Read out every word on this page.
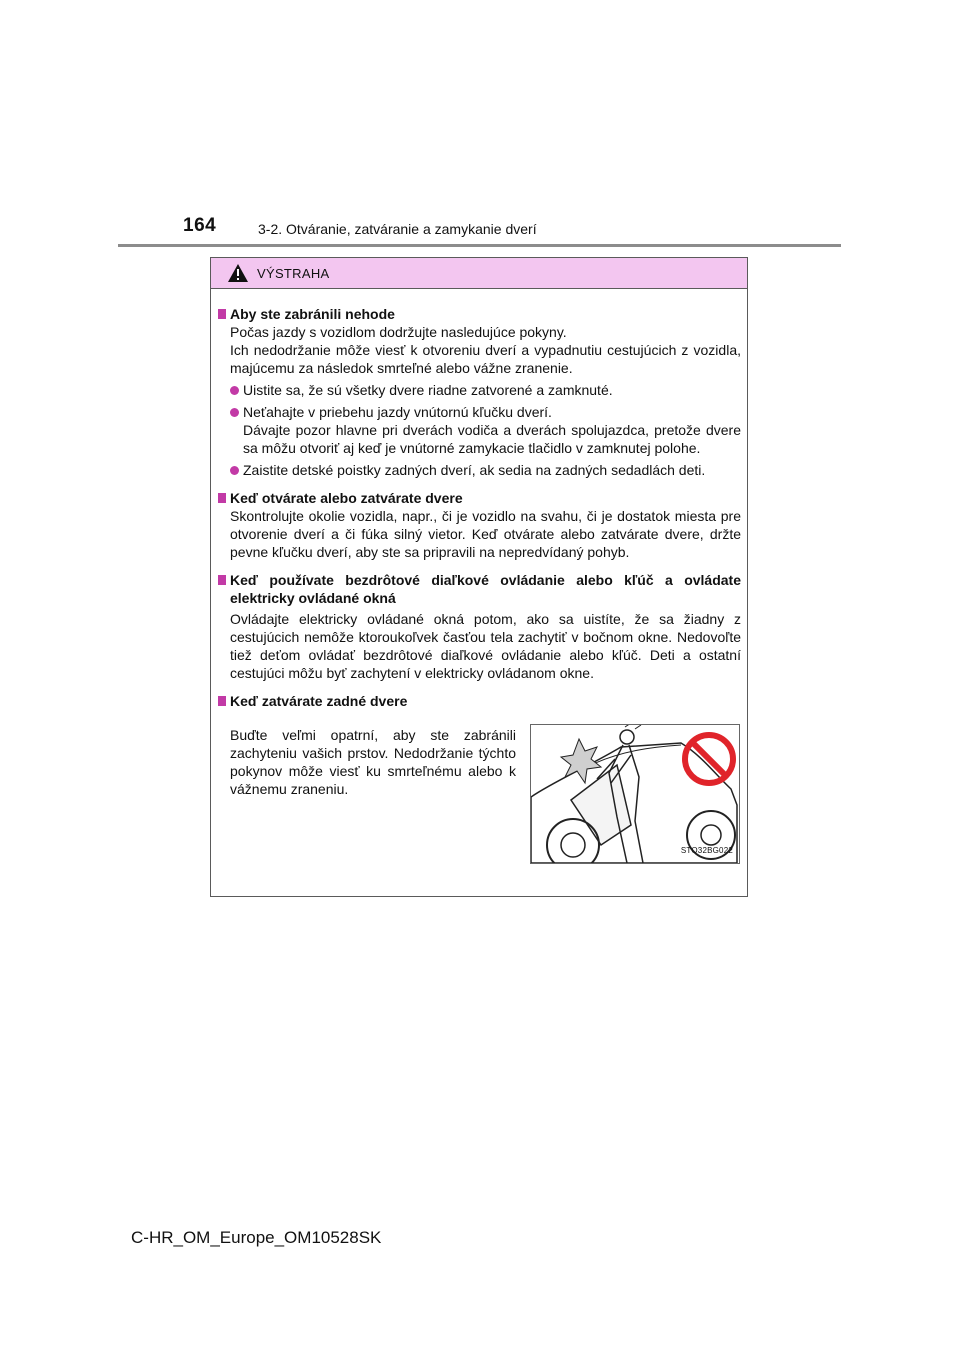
164	3-2. Otváranie, zatváranie a zamykanie dverí
VÝSTRAHA
Aby ste zabránili nehode

Počas jazdy s vozidlom dodržujte nasledujúce pokyny.

Ich nedodržanie môže viesť k otvoreniu dverí a vypadnutiu cestujúcich z vozidla, majúcemu za následok smrteľné alebo vážne zranenie.

Uistite sa, že sú všetky dvere riadne zatvorené a zamknuté.
Neťahajte v priebehu jazdy vnútornú kľučku dverí.
Dávajte pozor hlavne pri dverách vodiča a dverách spolujazdca, pretože dvere sa môžu otvoriť aj keď je vnútorné zamykacie tlačidlo v zamknutej polohe.
Zaistite detské poistky zadných dverí, ak sedia na zadných sedadlách deti.
Keď otvárate alebo zatvárate dvere

Skontrolujte okolie vozidla, napr., či je vozidlo na svahu, či je dostatok miesta pre otvorenie dverí a či fúka silný vietor. Keď otvárate alebo zatvárate dvere, držte pevne kľučku dverí, aby ste sa pripravili na nepredvídaný pohyb.

Keď používate bezdrôtové diaľkové ovládanie alebo kľúč a ovládate elektricky ovládané okná

Ovládajte elektricky ovládané okná potom, ako sa uistíte, že sa žiadny z cestujúcich nemôže ktoroukoľvek časťou tela zachytiť v bočnom okne. Nedovoľte tiež deťom ovládať bezdrôtové diaľkové ovládanie alebo kľúč. Deti a ostatní cestujúci môžu byť zachytení v elektricky ovládanom okne.

Keď zatvárate zadné dvere
Buďte veľmi opatrní, aby ste zabránili zachyteniu vašich prstov. Nedodržanie týchto pokynov môže viesť ku smrteľnému alebo k vážnemu zraneniu.
STO32BG022
C-HR_OM_Europe_OM10528SK
